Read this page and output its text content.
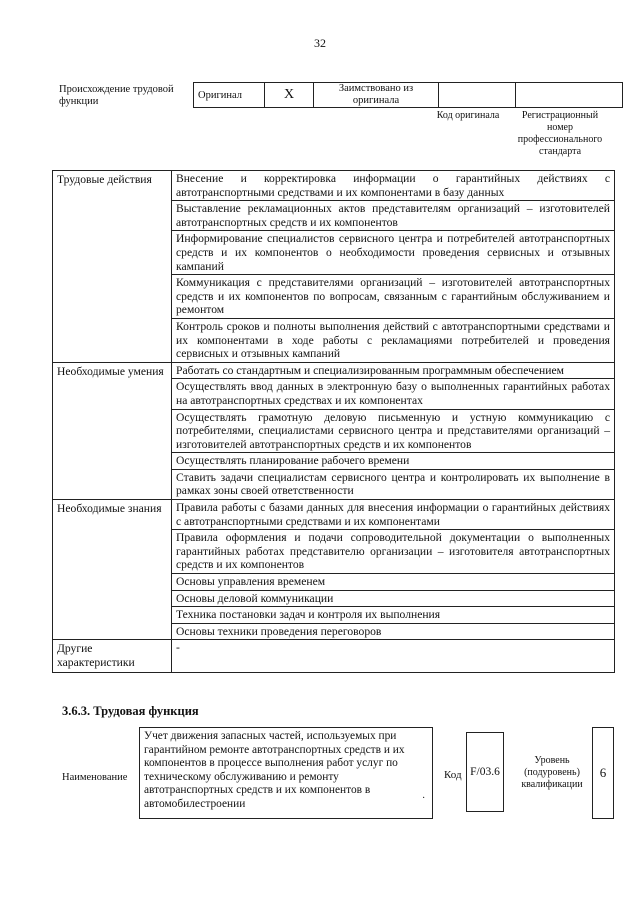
32
Происхождение трудовой функции
Оригинал	X	Заимствовано из оригинала		
Код оригинала	Регистрационный номер профессионального стандарта
Трудовые действия	Внесение и корректировка информации о гарантийных действиях с автотранспортными средствами и их компонентами в базу данных
	Выставление рекламационных актов представителям организаций – изготовителей автотранспортных средств и их компонентов
	Информирование специалистов сервисного центра и потребителей автотранспортных средств и их компонентов о необходимости проведения сервисных и отзывных кампаний
	Коммуникация с представителями организаций – изготовителей автотранспортных средств и их компонентов по вопросам, связанным с гарантийным обслуживанием и ремонтом
	Контроль сроков и полноты выполнения действий с автотранспортными средствами и их компонентами в ходе работы с рекламациями потребителей и проведения сервисных и отзывных кампаний
Необходимые умения	Работать со стандартным и специализированным программным обеспечением
	Осуществлять ввод данных в электронную базу о выполненных гарантийных работах на автотранспортных средствах и их компонентах
	Осуществлять грамотную деловую письменную и устную коммуникацию с потребителями, специалистами сервисного центра и представителями организаций – изготовителей автотранспортных средств и их компонентов
	Осуществлять планирование рабочего времени
	Ставить задачи специалистам сервисного центра и контролировать их выполнение в рамках зоны своей ответственности
Необходимые знания	Правила работы с базами данных для внесения информации о гарантийных действиях с автотранспортными средствами и их компонентами
	Правила оформления и подачи сопроводительной документации о выполненных гарантийных работах представителю организации – изготовителя автотранспортных средств и их компонентов
	Основы управления временем
	Основы деловой коммуникации
	Техника постановки задач и контроля их выполнения
	Основы техники проведения переговоров
Другие характеристики	-
3.6.3. Трудовая функция
Наименование
Учет движения запасных частей, используемых при гарантийном ремонте автотранспортных средств и их компонентов в процессе выполнения работ услуг по техническому обслуживанию и ремонту автотранспортных средств и их компонентов в автомобилестроении	·
Код F/03.6
Уровень (подуровень) квалификации
6
